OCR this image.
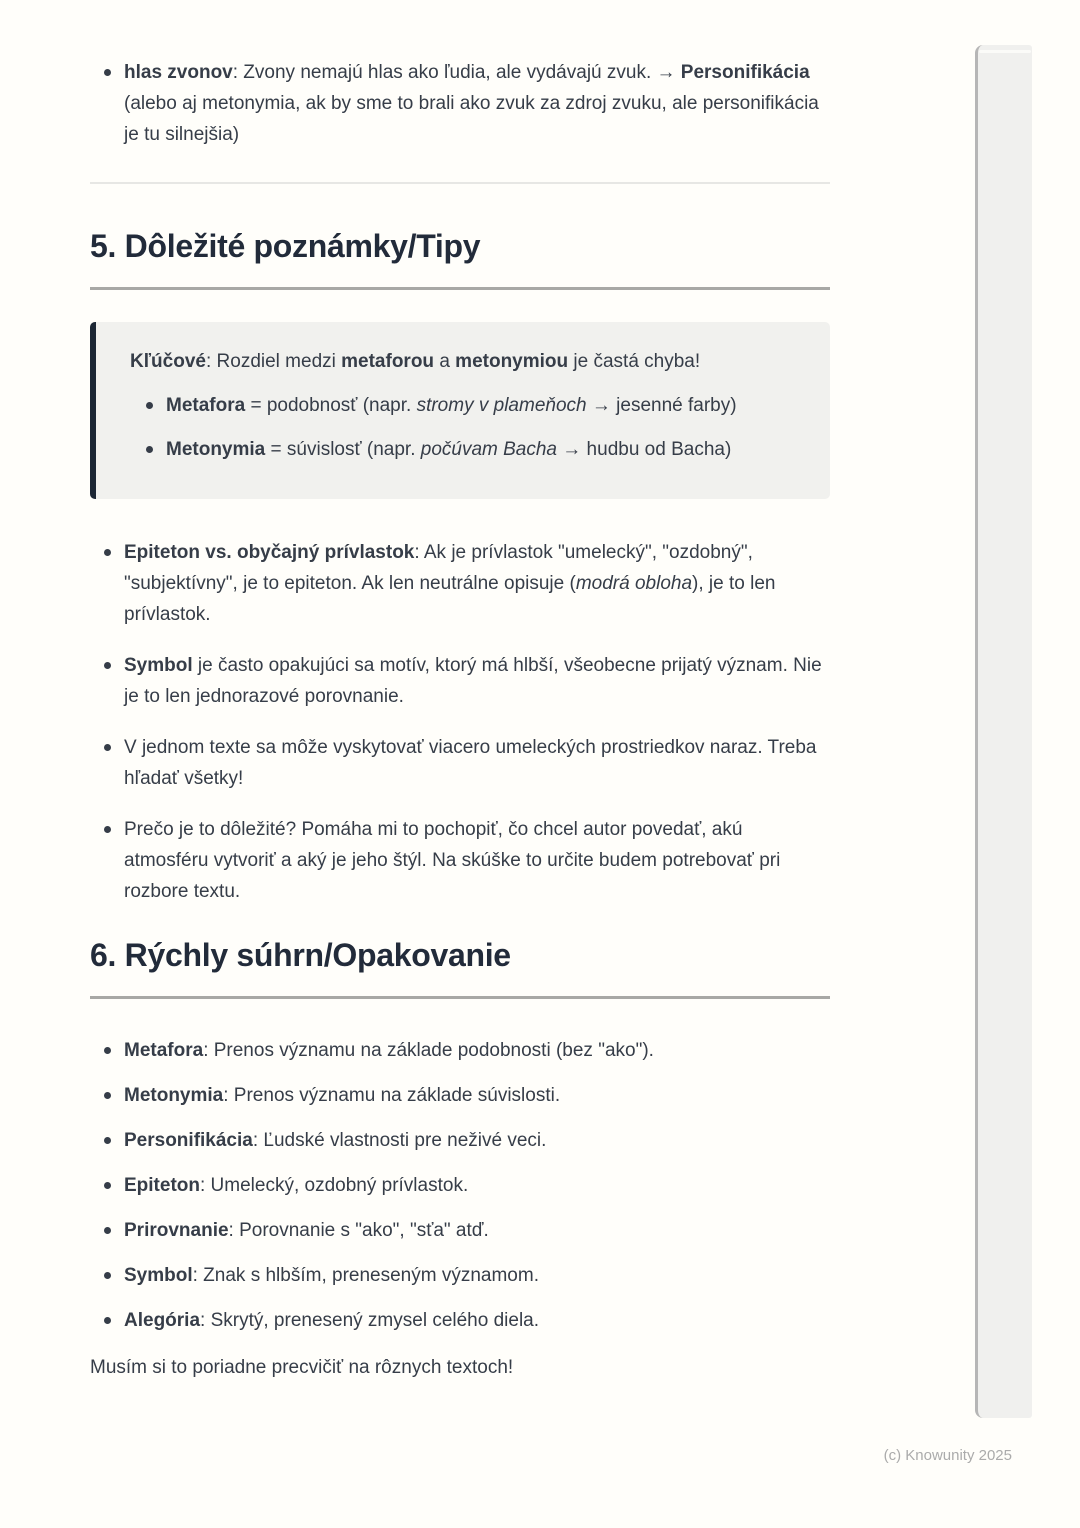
hlas zvonov: Zvony nemajú hlas ako ľudia, ale vydávajú zvuk. → Personifikácia (alebo aj metonymia, ak by sme to brali ako zvuk za zdroj zvuku, ale personifikácia je tu silnejšia)
5. Dôležité poznámky/Tipy

Kľúčové: Rozdiel medzi metaforou a metonymiou je častá chyba!

Metafora = podobnosť (napr. stromy v plameňoch → jesenné farby)
Metonymia = súvislosť (napr. počúvam Bacha → hudbu od Bacha)
Epiteton vs. obyčajný prívlastok: Ak je prívlastok "umelecký", "ozdobný", "subjektívny", je to epiteton. Ak len neutrálne opisuje (modrá obloha), je to len prívlastok.
Symbol je často opakujúci sa motív, ktorý má hlbší, všeobecne prijatý význam. Nie je to len jednorazové porovnanie.
V jednom texte sa môže vyskytovať viacero umeleckých prostriedkov naraz. Treba hľadať všetky!
Prečo je to dôležité? Pomáha mi to pochopiť, čo chcel autor povedať, akú atmosféru vytvoriť a aký je jeho štýl. Na skúške to určite budem potrebovať pri rozbore textu.
6. Rýchly súhrn/Opakovanie
Metafora: Prenos významu na základe podobnosti (bez "ako").
Metonymia: Prenos významu na základe súvislosti.
Personifikácia: Ľudské vlastnosti pre neživé veci.
Epiteton: Umelecký, ozdobný prívlastok.
Prirovnanie: Porovnanie s "ako", "sťa" atď.
Symbol: Znak s hlbším, preneseným významom.
Alegória: Skrytý, prenesený zmysel celého diela.

Musím si to poriadne precvičiť na rôznych textoch!

(c) Knowunity 2025
